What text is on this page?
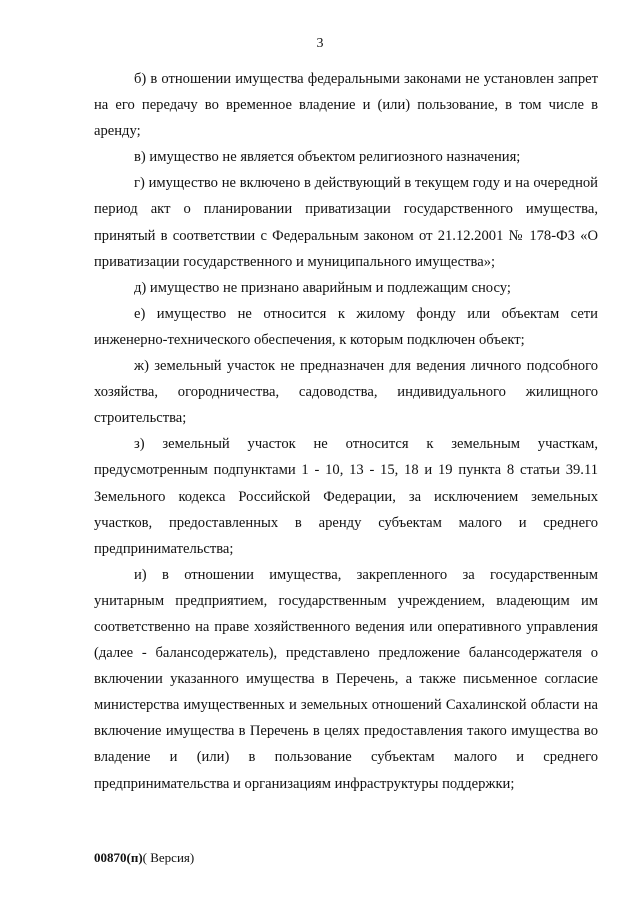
3

б) в отношении имущества федеральными законами не установлен запрет на его передачу во временное владение и (или) пользование, в том числе в аренду;

в) имущество не является объектом религиозного назначения;

г) имущество не включено в действующий в текущем году и на очередной период акт о планировании приватизации государственного имущества, принятый в соответствии с Федеральным законом от 21.12.2001 № 178-ФЗ «О приватизации государственного и муниципального имущества»;

д) имущество не признано аварийным и подлежащим сносу;

е) имущество не относится к жилому фонду или объектам сети инженерно-технического обеспечения, к которым подключен объект;

ж) земельный участок не предназначен для ведения личного подсобного хозяйства, огородничества, садоводства, индивидуального жилищного строительства;

з) земельный участок не относится к земельным участкам, предусмотренным подпунктами 1 - 10, 13 - 15, 18 и 19 пункта 8 статьи 39.11 Земельного кодекса Российской Федерации, за исключением земельных участков, предоставленных в аренду субъектам малого и среднего предпринимательства;

и) в отношении имущества, закрепленного за государственным унитарным предприятием, государственным учреждением, владеющим им соответственно на праве хозяйственного ведения или оперативного управления (далее - балансодержатель), представлено предложение балансодержателя о включении указанного имущества в Перечень, а также письменное согласие министерства имущественных и земельных отношений Сахалинской области на включение имущества в Перечень в целях предоставления такого имущества во владение и (или) в пользование субъектам малого и среднего предпринимательства и организациям инфраструктуры поддержки;

00870(п)( Версия)
